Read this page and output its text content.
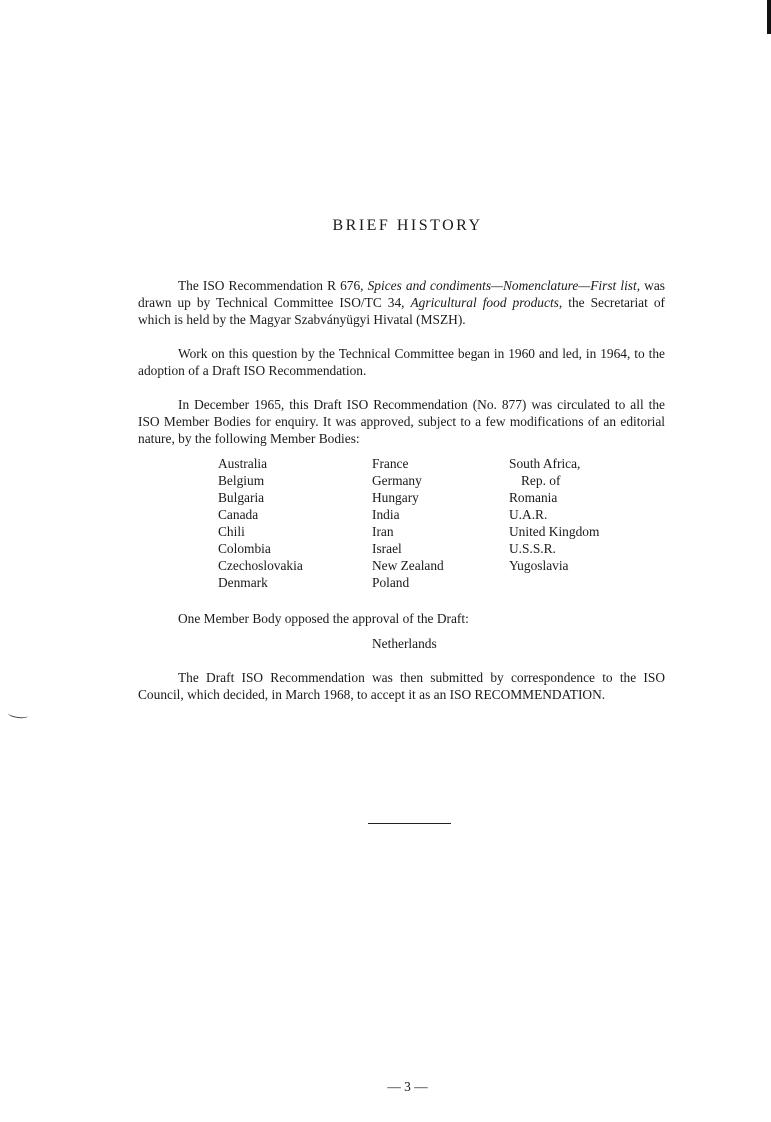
BRIEF HISTORY

The ISO Recommendation R 676, Spices and condiments—Nomenclature—First list, was drawn up by Technical Committee ISO/TC 34, Agricultural food products, the Secretariat of which is held by the Magyar Szabványügyi Hivatal (MSZH).

Work on this question by the Technical Committee began in 1960 and led, in 1964, to the adoption of a Draft ISO Recommendation.

In December 1965, this Draft ISO Recommendation (No. 877) was circulated to all the ISO Member Bodies for enquiry. It was approved, subject to a few modifications of an editorial nature, by the following Member Bodies:

Australia
Belgium
Bulgaria
Canada
Chili
Colombia
Czechoslovakia
Denmark
France
Germany
Hungary
India
Iran
Israel
New Zealand
Poland
South Africa,
Rep. of
Romania
U.A.R.
United Kingdom
U.S.S.R.
Yugoslavia
One Member Body opposed the approval of the Draft:
Netherlands

The Draft ISO Recommendation was then submitted by correspondence to the ISO Council, which decided, in March 1968, to accept it as an ISO RECOMMENDATION.

— 3 —
